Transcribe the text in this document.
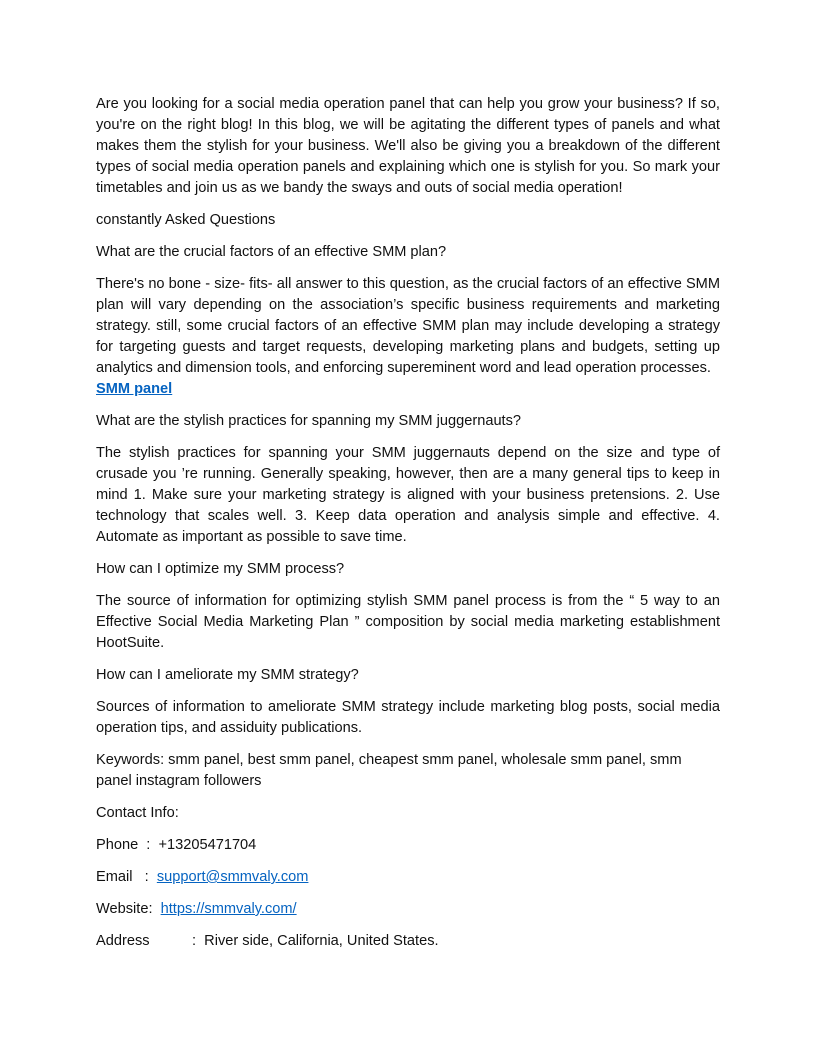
Are you looking for a social media operation panel that can help you grow your business? If so, you're on the right blog! In this blog, we will be agitating the different types of panels and what makes them the stylish for your business. We'll also be giving you a breakdown of the different types of social media operation panels and explaining which one is stylish for you. So mark your timetables and join us as we bandy the sways and outs of social media operation!

constantly Asked Questions

What are the crucial factors of an effective SMM plan?

There's no bone - size- fits- all answer to this question, as the crucial factors of an effective SMM plan will vary depending on the association’s specific business requirements and marketing strategy. still, some crucial factors of an effective SMM plan may include developing a strategy for targeting guests and target requests, developing marketing plans and budgets, setting up analytics and dimension tools, and enforcing supereminent word and lead operation processes.
SMM panel

What are the stylish practices for spanning my SMM juggernauts?

The stylish practices for spanning your SMM juggernauts depend on the size and type of crusade you ’re running. Generally speaking, however, then are a many general tips to keep in mind 1. Make sure your marketing strategy is aligned with your business pretensions. 2. Use technology that scales well. 3. Keep data operation and analysis simple and effective. 4. Automate as important as possible to save time.

How can I optimize my SMM process?

The source of information for optimizing stylish SMM panel process is from the “ 5 way to an Effective Social Media Marketing Plan ” composition by social media marketing establishment HootSuite.

How can I ameliorate my SMM strategy?

Sources of information to ameliorate SMM strategy include marketing blog posts, social media operation tips, and assiduity publications.

Keywords: smm panel, best smm panel, cheapest smm panel, wholesale smm panel, smm panel instagram followers

Contact Info:

Phone  :  +13205471704
Email   :  support@smmvaly.com
Website:  https://smmvaly.com/
Address	:  River side, California, United States.
